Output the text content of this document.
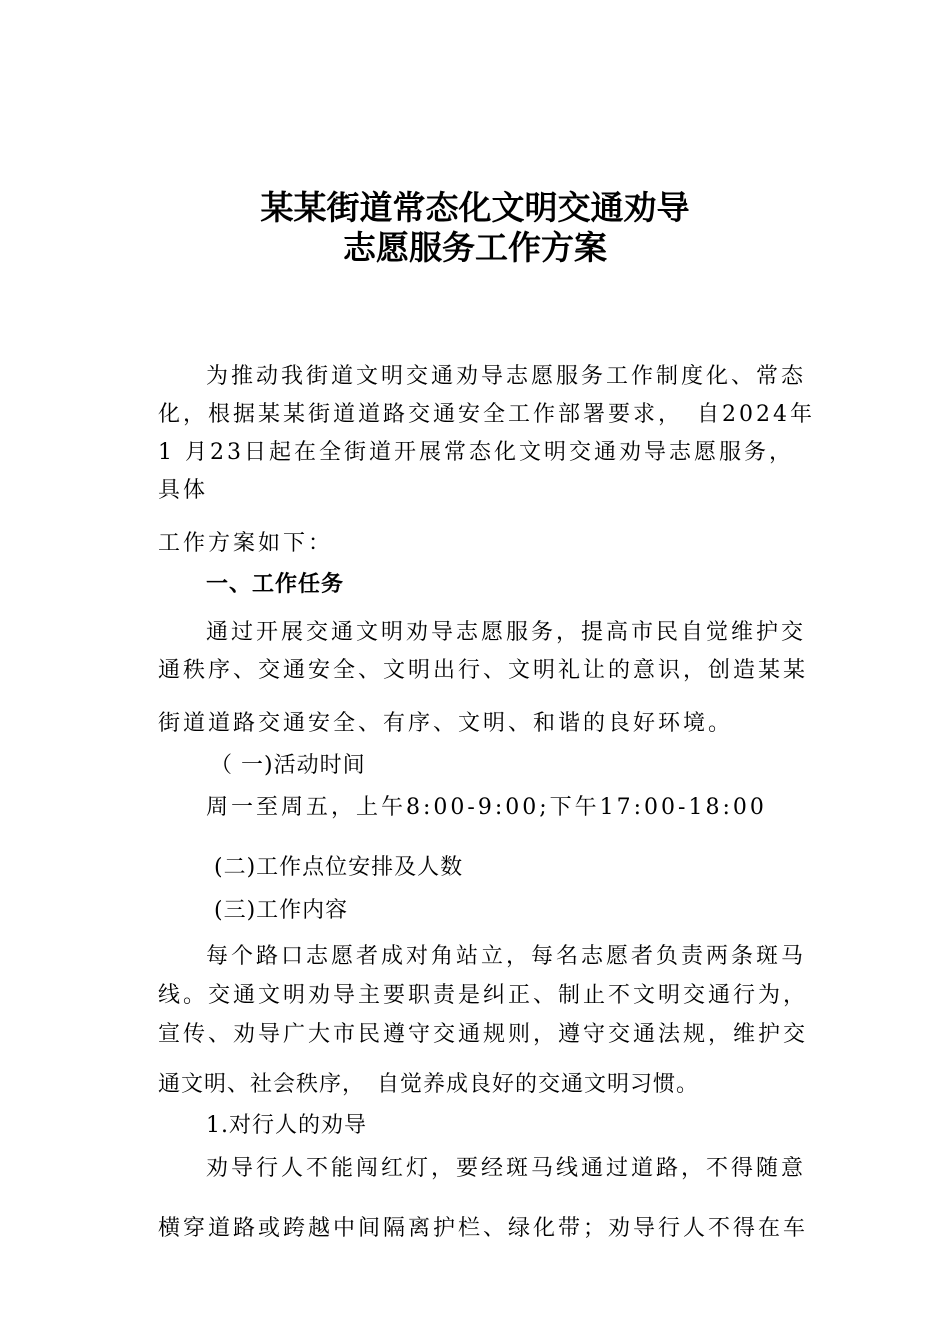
某某街道常态化文明交通劝导
志愿服务工作方案
为推动我街道文明交通劝导志愿服务工作制度化、常态
化，根据某某街道道路交通安全工作部署要求，　自2024年
1 月23日起在全街道开展常态化文明交通劝导志愿服务，
具体
工作方案如下：
一、工作任务
通过开展交通文明劝导志愿服务，提高市民自觉维护交
通秩序、交通安全、文明出行、文明礼让的意识，创造某某
街道道路交通安全、有序、文明、和谐的良好环境。
（ 一)活动时间
周一至周五，上午8:00-9:00;下午17:00-18:00
(二)工作点位安排及人数
(三)工作内容
每个路口志愿者成对角站立，每名志愿者负责两条斑马
线。交通文明劝导主要职责是纠正、制止不文明交通行为，
宣传、劝导广大市民遵守交通规则，遵守交通法规，维护交
通文明、社会秩序，　自觉养成良好的交通文明习惯。
1.对行人的劝导
劝导行人不能闯红灯，要经斑马线通过道路，不得随意
横穿道路或跨越中间隔离护栏、绿化带；劝导行人不得在车
